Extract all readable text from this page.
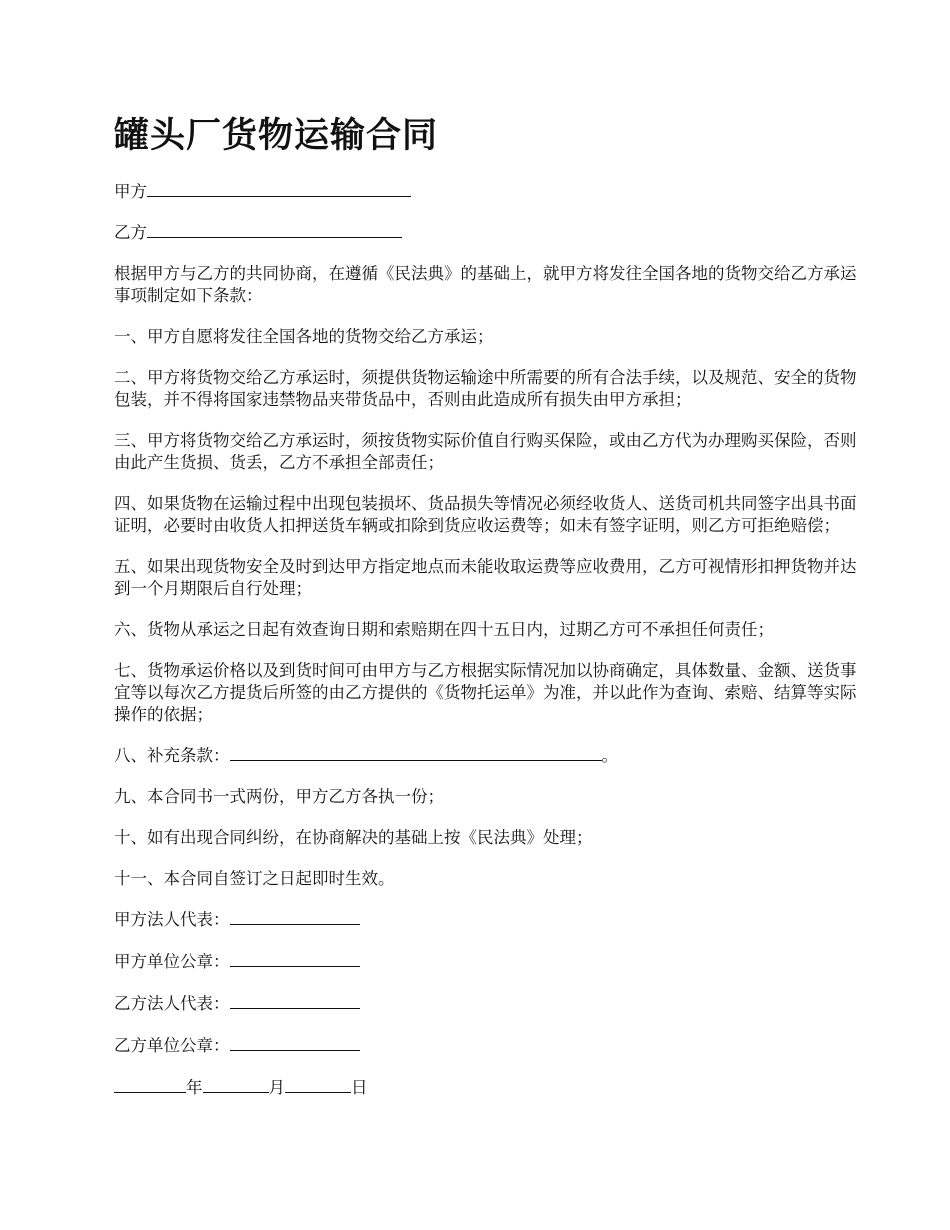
罐头厂货物运输合同
甲方
乙方

根据甲方与乙方的共同协商，在遵循《民法典》的基础上，就甲方将发往全国各地的货物交给乙方承运事项制定如下条款：

一、甲方自愿将发往全国各地的货物交给乙方承运；

二、甲方将货物交给乙方承运时，须提供货物运输途中所需要的所有合法手续，以及规范、安全的货物包装，并不得将国家违禁物品夹带货品中，否则由此造成所有损失由甲方承担；

三、甲方将货物交给乙方承运时，须按货物实际价值自行购买保险，或由乙方代为办理购买保险，否则由此产生货损、货丢，乙方不承担全部责任；

四、如果货物在运输过程中出现包装损坏、货品损失等情况必须经收货人、送货司机共同签字出具书面证明，必要时由收货人扣押送货车辆或扣除到货应收运费等；如未有签字证明，则乙方可拒绝赔偿；

五、如果出现货物安全及时到达甲方指定地点而未能收取运费等应收费用，乙方可视情形扣押货物并达到一个月期限后自行处理；

六、货物从承运之日起有效查询日期和索赔期在四十五日内，过期乙方可不承担任何责任；

七、货物承运价格以及到货时间可由甲方与乙方根据实际情况加以协商确定，具体数量、金额、送货事宜等以每次乙方提货后所签的由乙方提供的《货物托运单》为准，并以此作为查询、索赔、结算等实际操作的依据；

八、补充条款：	。

九、本合同书一式两份，甲方乙方各执一份；

十、如有出现合同纠纷，在协商解决的基础上按《民法典》处理；

十一、本合同自签订之日起即时生效。

甲方法人代表：
甲方单位公章：
乙方法人代表：
乙方单位公章：
年	月	日
